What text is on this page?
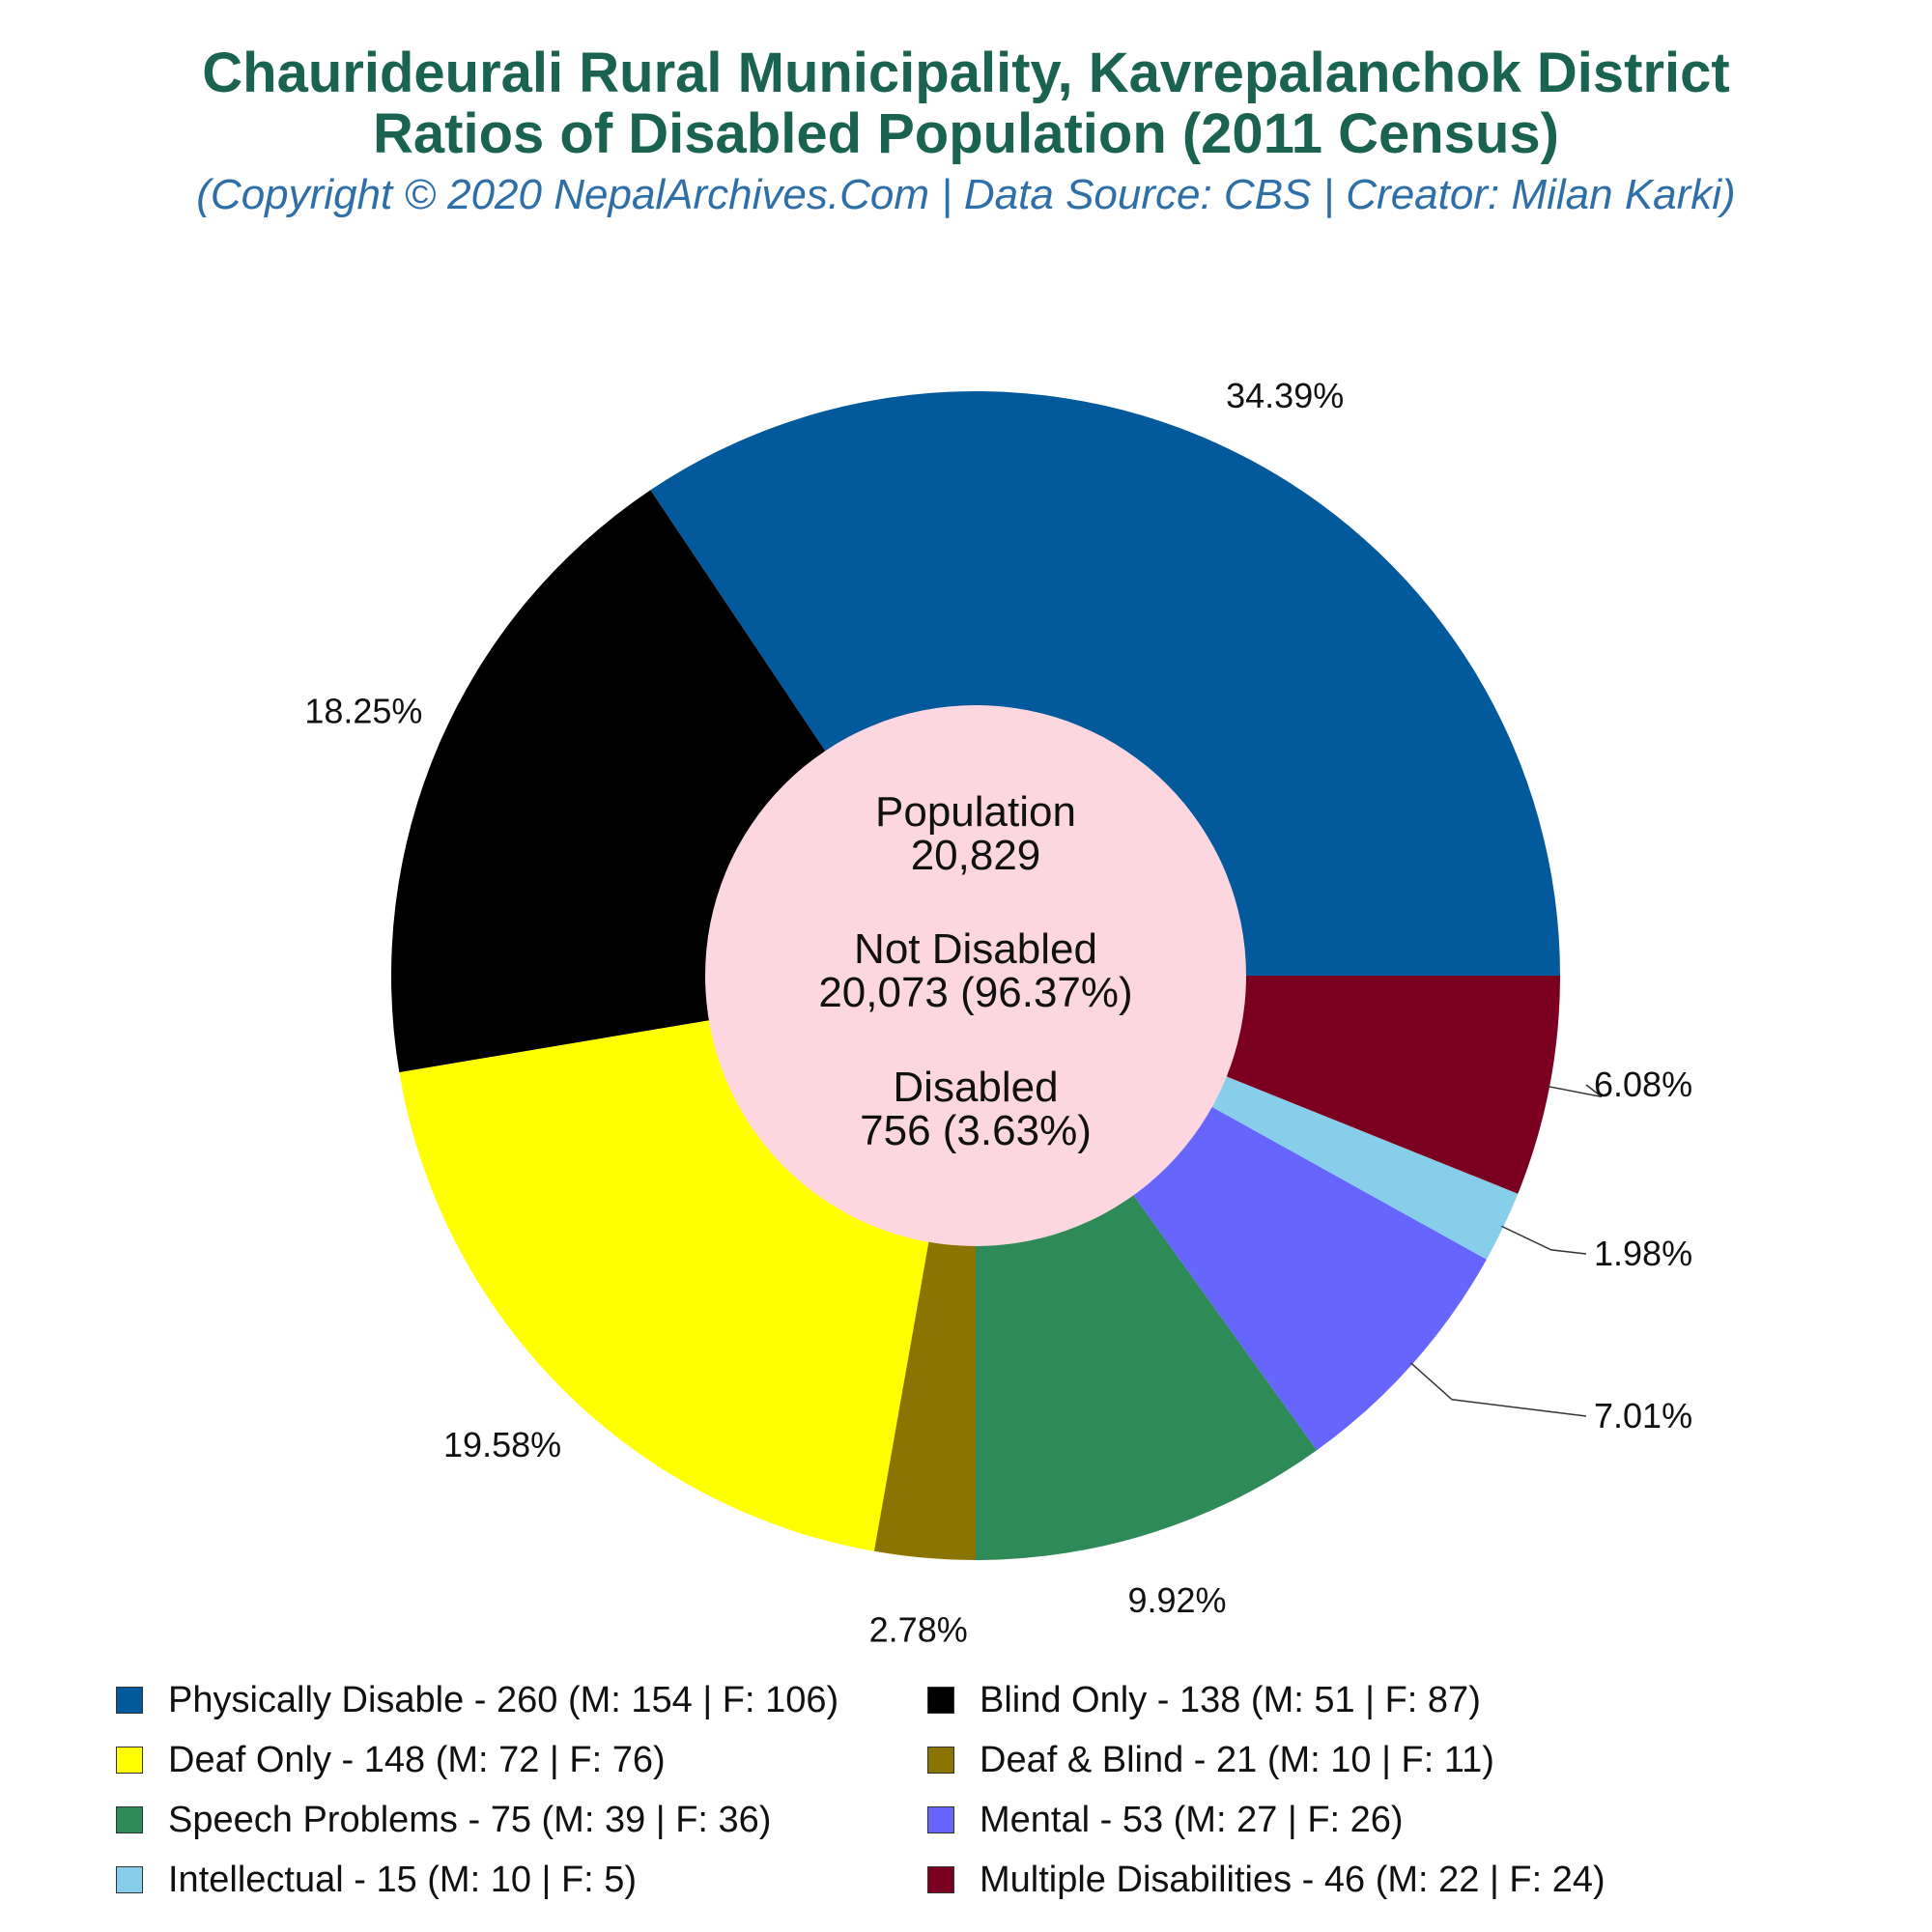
Chaurideurali Rural Municipality, Kavrepalanchok District
Ratios of Disabled Population (2011 Census)
(Copyright © 2020 NepalArchives.Com | Data Source: CBS | Creator: Milan Karki)
34.39%
18.25%
19.58%
2.78%
9.92%
7.01%
1.98%
6.08%
Population
20,829
Not Disabled
20,073 (96.37%)
Disabled
756 (3.63%)
Physically Disable - 260 (M: 154 | F: 106)	Blind Only - 138 (M: 51 | F: 87)
Deaf Only - 148 (M: 72 | F: 76)	Deaf & Blind - 21 (M: 10 | F: 11)
Speech Problems - 75 (M: 39 | F: 36)	Mental - 53 (M: 27 | F: 26)
Intellectual - 15 (M: 10 | F: 5)	Multiple Disabilities - 46 (M: 22 | F: 24)
